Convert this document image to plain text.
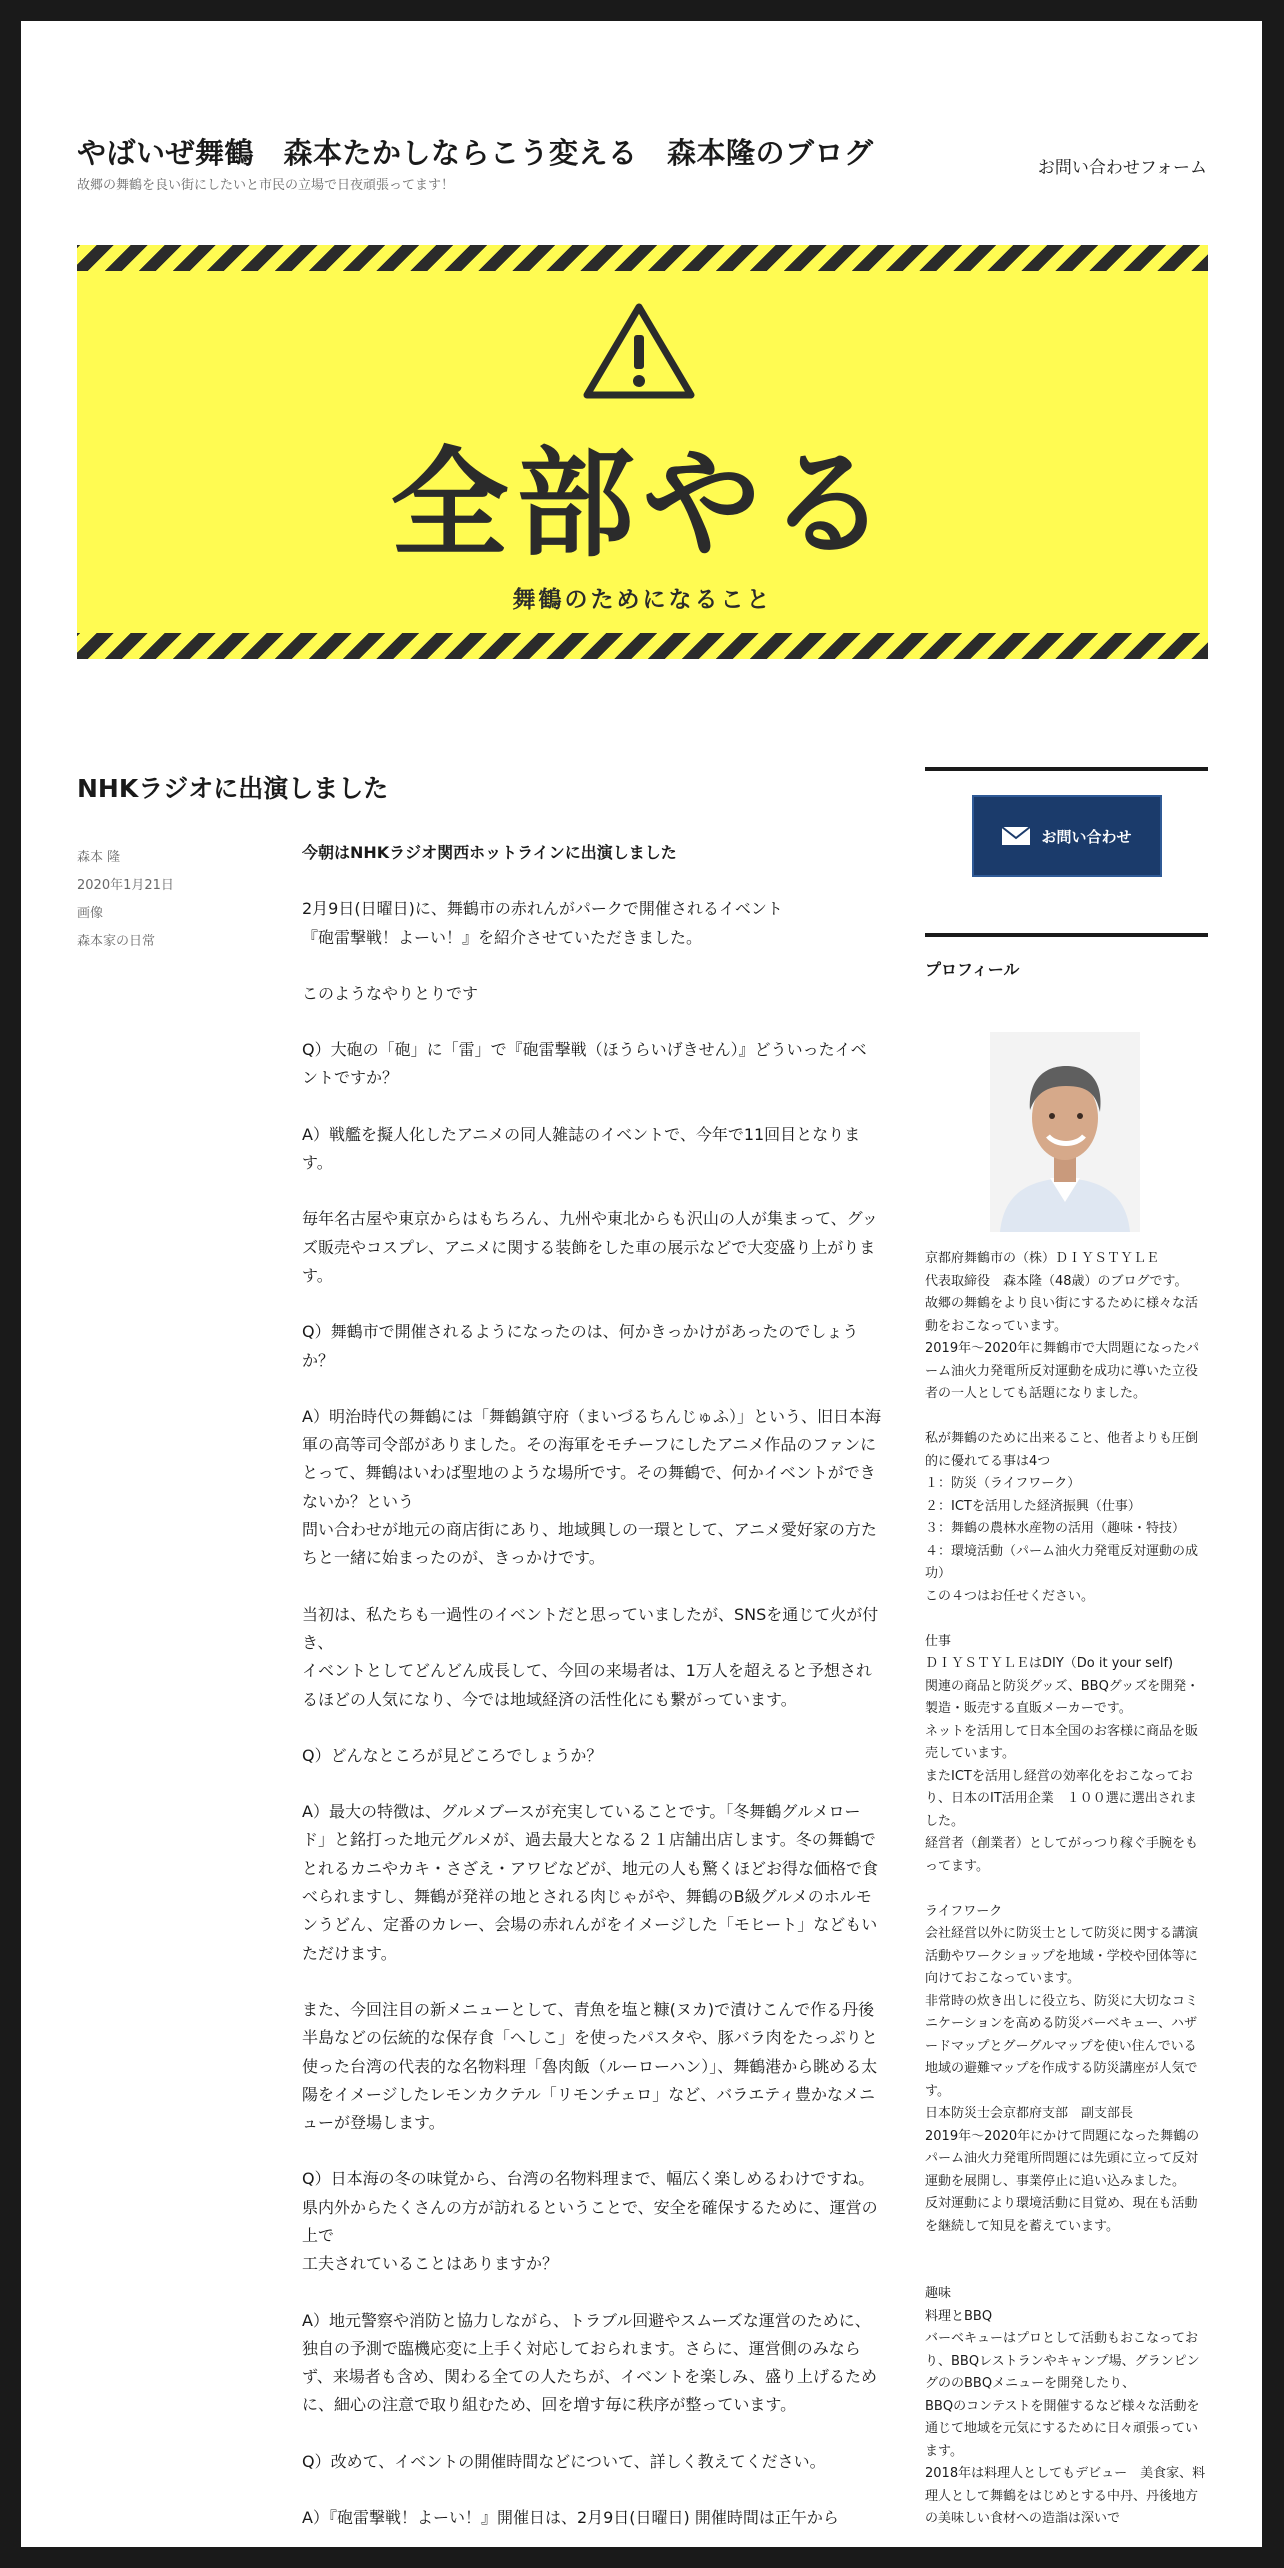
やばいぜ舞鶴　森本たかしならこう変える　森本隆のブログ
故郷の舞鶴を良い街にしたいと市民の立場で日夜頑張ってます！
お問い合わせフォーム
全部やる
舞鶴のためになること
NHKラジオに出演しました
森本 隆
2020年1月21日
画像
森本家の日常
今朝はNHKラジオ関西ホットラインに出演しました

2月9日(日曜日)に、舞鶴市の赤れんがパークで開催されるイベント
『砲雷撃戦！よーい！』を紹介させていただきました。

このようなやりとりです

Q）大砲の「砲」に「雷」で『砲雷撃戦（ほうらいげきせん）』どういったイベントですか？

A）戦艦を擬人化したアニメの同人雑誌のイベントで、今年で11回目となります。

毎年名古屋や東京からはもちろん、九州や東北からも沢山の人が集まって、グッズ販売やコスプレ、アニメに関する装飾をした車の展示などで大変盛り上がります。

Q）舞鶴市で開催されるようになったのは、何かきっかけがあったのでしょうか？

A）明治時代の舞鶴には「舞鶴鎮守府（まいづるちんじゅふ）」という、旧日本海軍の高等司令部がありました。その海軍をモチーフにしたアニメ作品のファンにとって、舞鶴はいわば聖地のような場所です。その舞鶴で、何かイベントができないか？という
問い合わせが地元の商店街にあり、地域興しの一環として、アニメ愛好家の方たちと一緒に始まったのが、きっかけです。

当初は、私たちも一過性のイベントだと思っていましたが、SNSを通じて火が付き、
イベントとしてどんどん成長して、今回の来場者は、1万人を超えると予想されるほどの人気になり、今では地域経済の活性化にも繋がっています。

Q）どんなところが見どころでしょうか？

A）最大の特徴は、グルメブースが充実していることです。「冬舞鶴グルメロード」と銘打った地元グルメが、過去最大となる２１店舗出店します。冬の舞鶴でとれるカニやカキ・さざえ・アワビなどが、地元の人も驚くほどお得な価格で食べられますし、舞鶴が発祥の地とされる肉じゃがや、舞鶴のB級グルメのホルモンうどん、定番のカレー、会場の赤れんがをイメージした「モヒート」などもいただけます。

また、今回注目の新メニューとして、青魚を塩と糠(ヌカ)で漬けこんで作る丹後半島などの伝統的な保存食「へしこ」を使ったパスタや、豚バラ肉をたっぷりと使った台湾の代表的な名物料理「魯肉飯（ルーローハン）」、舞鶴港から眺める太陽をイメージしたレモンカクテル「リモンチェロ」など、バラエティ豊かなメニューが登場します。

Q）日本海の冬の味覚から、台湾の名物料理まで、幅広く楽しめるわけですね。
県内外からたくさんの方が訪れるということで、安全を確保するために、運営の上で
工夫されていることはありますか？

A）地元警察や消防と協力しながら、トラブル回避やスムーズな運営のために、独自の予測で臨機応変に上手く対応しておられます。さらに、運営側のみならず、来場者も含め、関わる全ての人たちが、イベントを楽しみ、盛り上げるために、細心の注意で取り組むため、回を増す毎に秩序が整っています。

Q）改めて、イベントの開催時間などについて、詳しく教えてください。

A）『砲雷撃戦！よーい！』開催日は、2月9日(日曜日) 開催時間は正午から

お問い合わせ
プロフィール
京都府舞鶴市の（株）ＤＩＹＳＴＹＬＥ
代表取締役　森本隆（48歳）のブログです。
故郷の舞鶴をより良い街にするために様々な活動をおこなっています。
2019年～2020年に舞鶴市で大問題になったパーム油火力発電所反対運動を成功に導いた立役者の一人としても話題になりました。

私が舞鶴のために出来ること、他者よりも圧倒的に優れてる事は4つ
１：防災（ライフワーク）
２：ICTを活用した経済振興（仕事）
３：舞鶴の農林水産物の活用（趣味・特技）
４：環境活動（パーム油火力発電反対運動の成功）
この４つはお任せください。

仕事
ＤＩＹＳＴＹＬＥはDIY（Do it your self)
関連の商品と防災グッズ、BBQグッズを開発・製造・販売する直販メーカーです。
ネットを活用して日本全国のお客様に商品を販売しています。
またICTを活用し経営の効率化をおこなっており、日本のIT活用企業　１００選に選出されました。
経営者（創業者）としてがっつり稼ぐ手腕をもってます。

ライフワーク
会社経営以外に防災士として防災に関する講演活動やワークショップを地域・学校や団体等に向けておこなっています。
非常時の炊き出しに役立ち、防災に大切なコミニケーションを高める防災バーベキュー、ハザードマップとグーグルマップを使い住んでいる地域の避難マップを作成する防災講座が人気です。
日本防災士会京都府支部　副支部長
2019年～2020年にかけて問題になった舞鶴のパーム油火力発電所問題には先頭に立って反対運動を展開し、事業停止に追い込みました。
反対運動により環境活動に目覚め、現在も活動を継続して知見を蓄えています。

趣味
料理とBBQ
バーベキューはプロとして活動もおこなっており、BBQレストランやキャンプ場、グランピングののBBQメニューを開発したり、
BBQのコンテストを開催するなど様々な活動を通じて地域を元気にするために日々頑張っています。
2018年は料理人としてもデビュー　美食家、料理人として舞鶴をはじめとする中丹、丹後地方の美味しい食材への造詣は深いで
